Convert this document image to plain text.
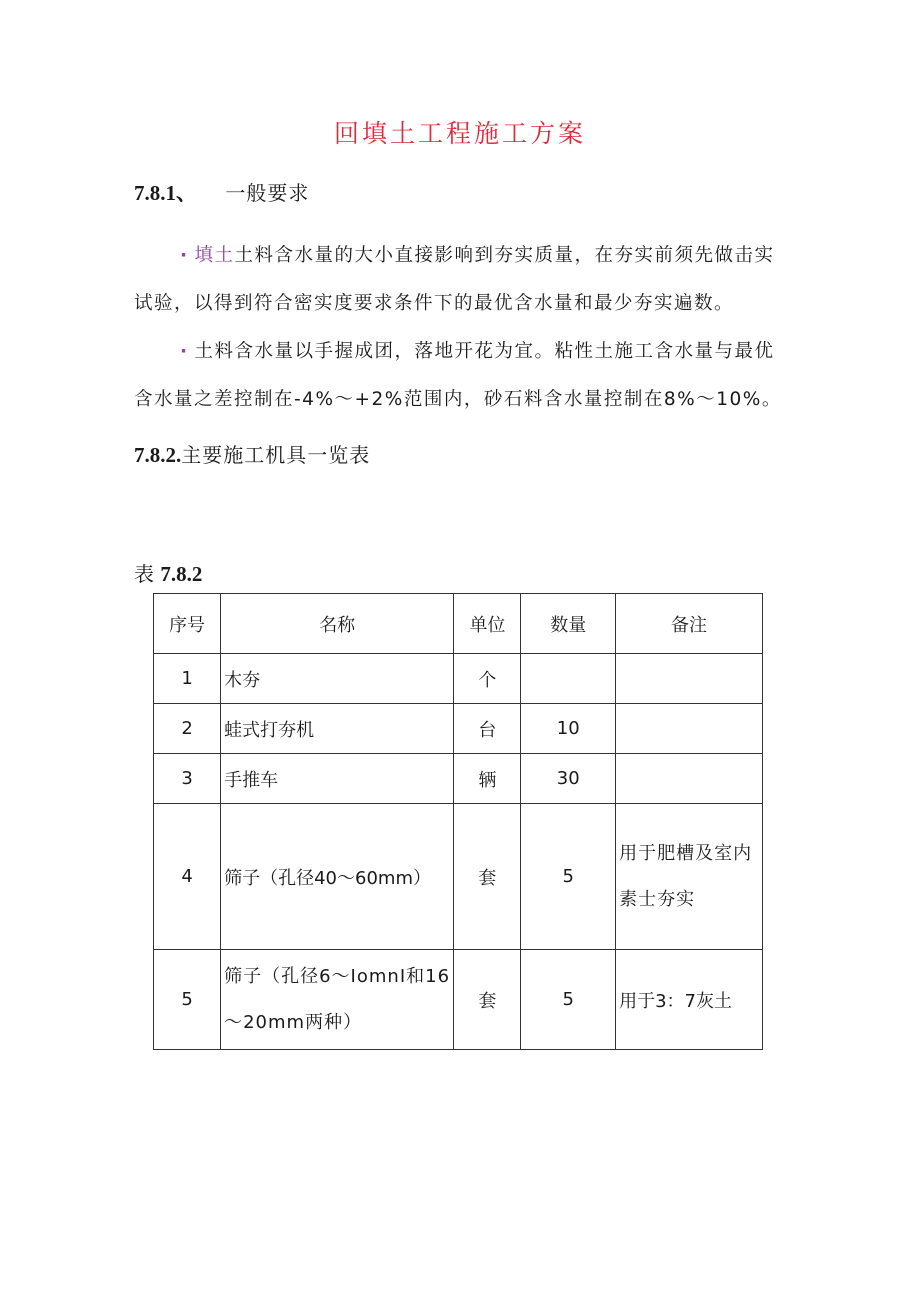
回填土工程施工方案
7.8.1、 一般要求

· 填土土料含水量的大小直接影响到夯实质量，在夯实前须先做击实试验，以得到符合密实度要求条件下的最优含水量和最少夯实遍数。

· 土料含水量以手握成团，落地开花为宜。粘性土施工含水量与最优含水量之差控制在-4%～+2%范围内，砂石料含水量控制在8%～10%。

7.8.2.主要施工机具一览表
表 7.8.2
序号	名称	单位	数量	备注
1	木夯	个		
2	蛙式打夯机	台	10	
3	手推车	辆	30	
4	筛子（孔径40～60mm）	套	5	用于肥槽及室内素士夯实
5	筛子（孔径6～IomnI和16～20mm两种）	套	5	用于3：7灰土
